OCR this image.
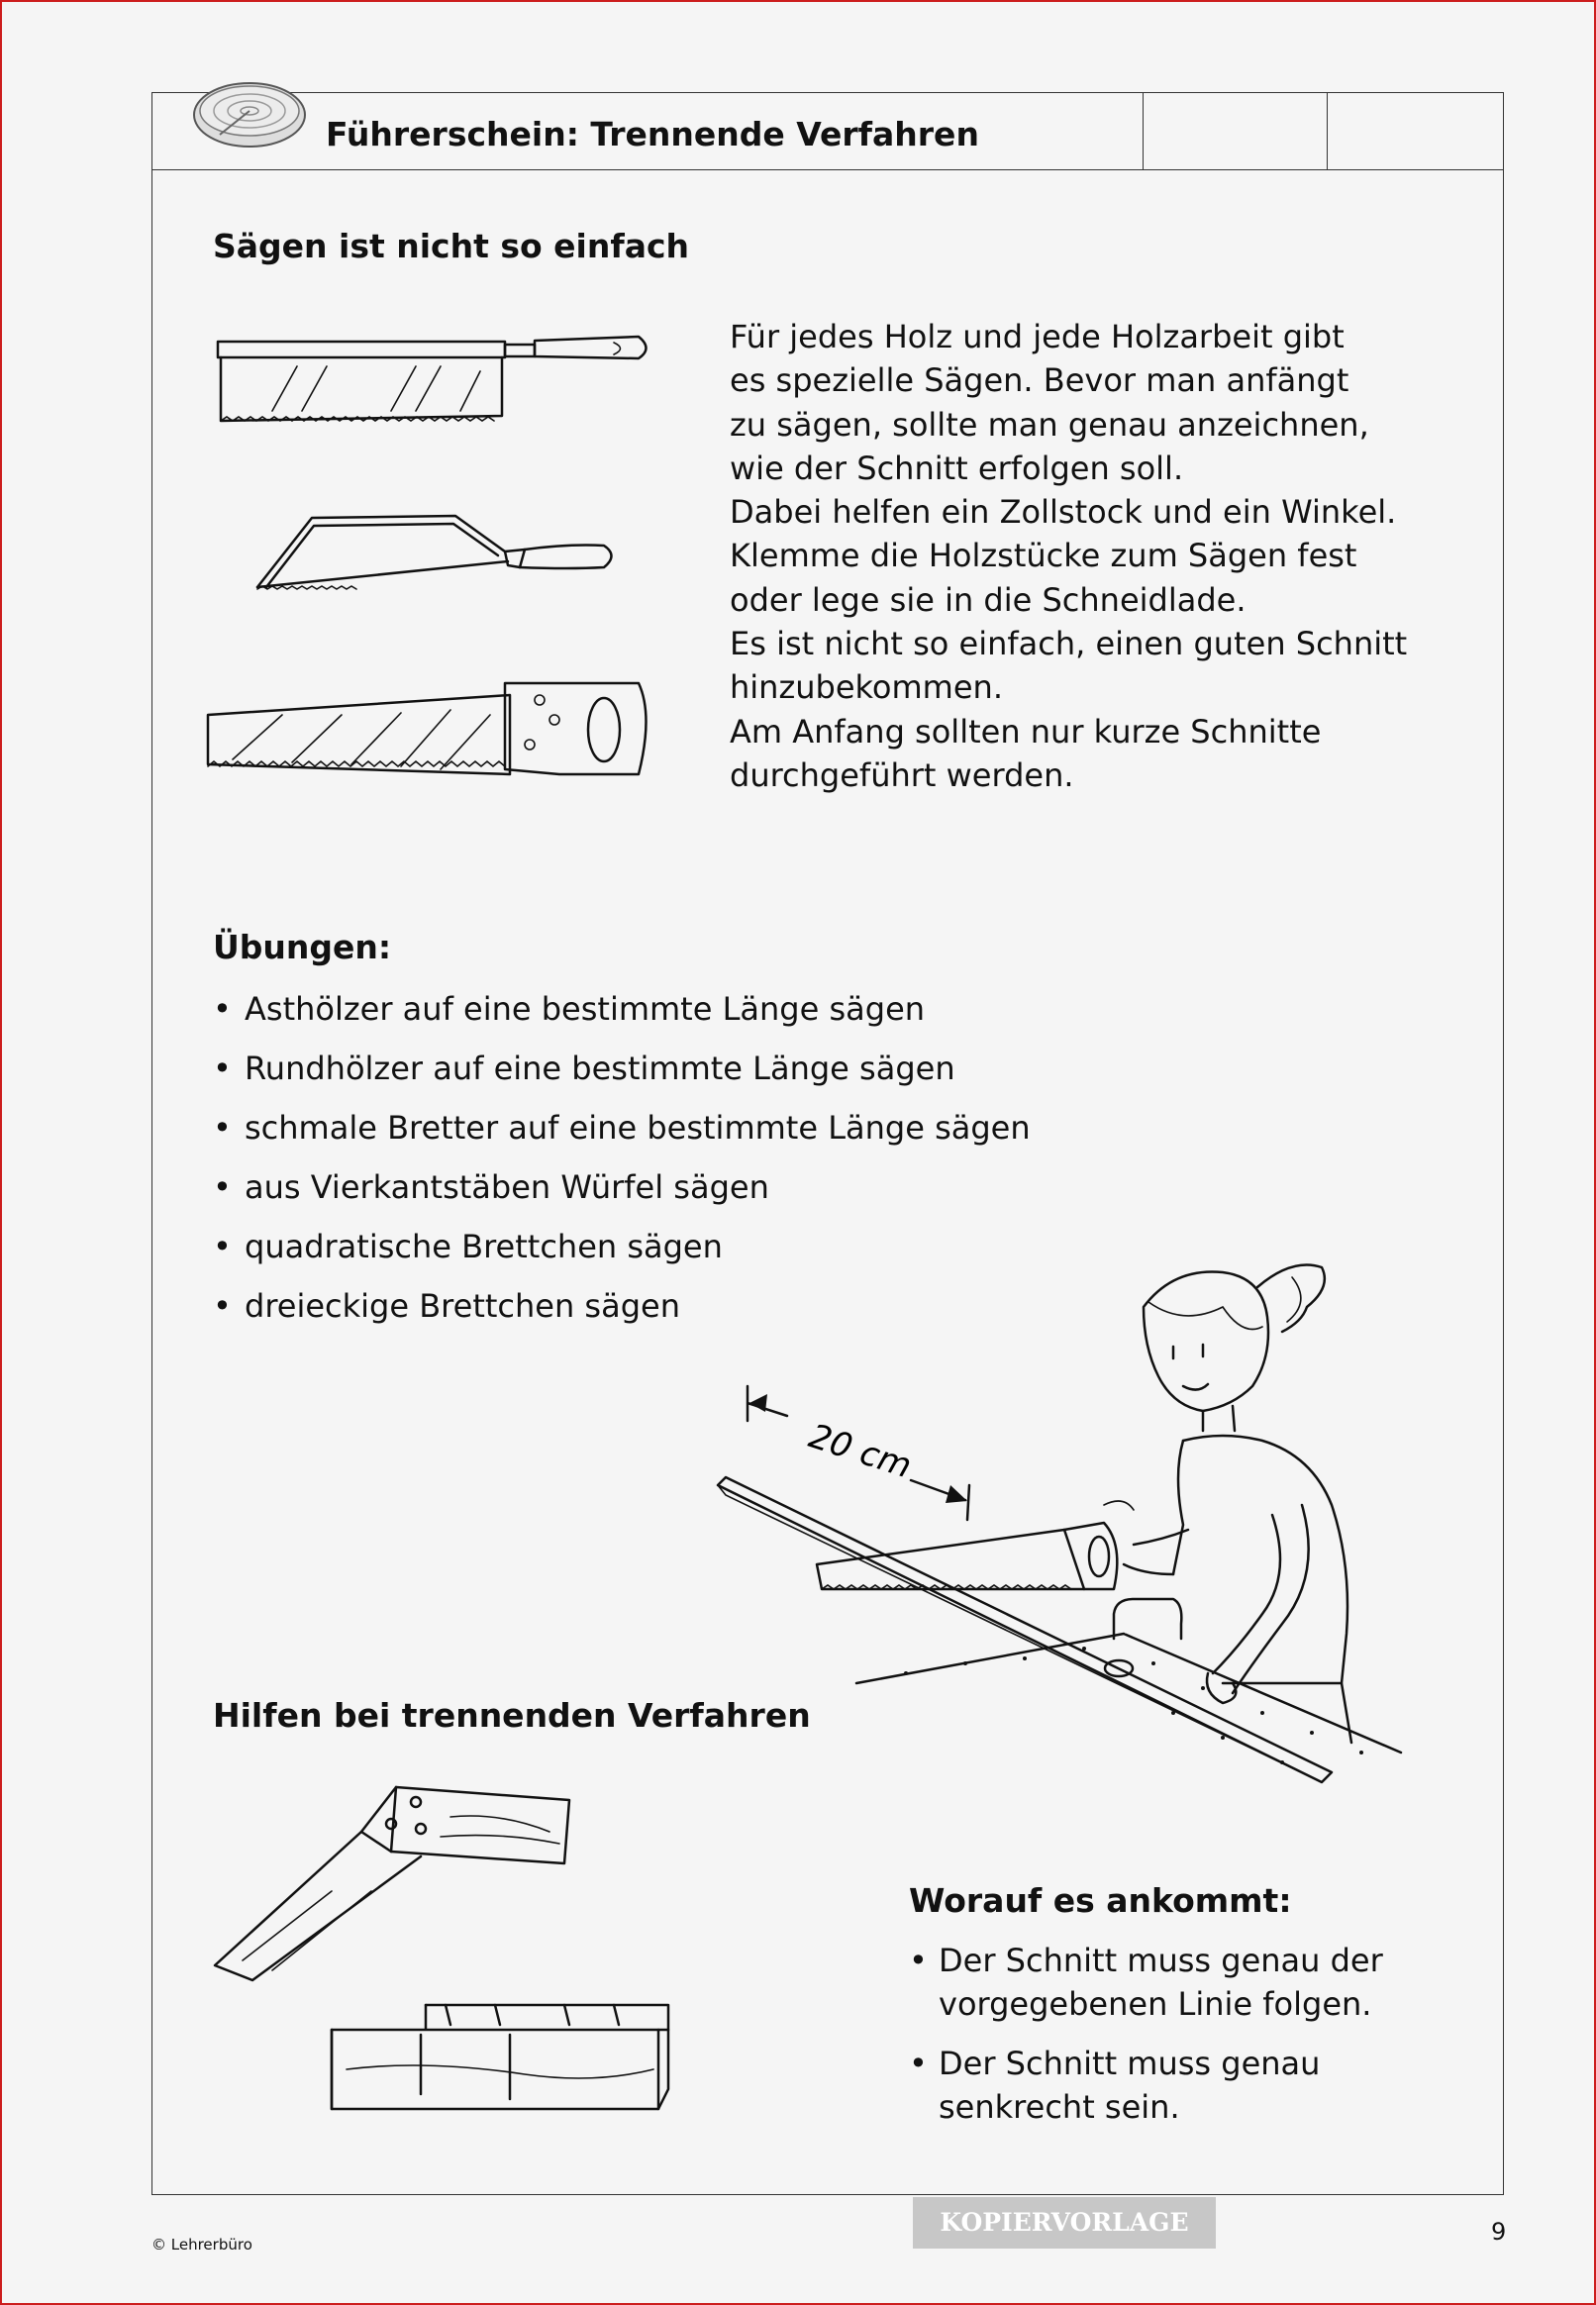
Führerschein: Trennende Verfahren
Sägen ist nicht so einfach
Für jedes Holz und jede Holzarbeit gibt
es spezielle Sägen. Bevor man anfängt
zu sägen, sollte man genau anzeichnen,
wie der Schnitt erfolgen soll.
Dabei helfen ein Zollstock und ein Winkel.
Klemme die Holzstücke zum Sägen fest
oder lege sie in die Schneidlade.
Es ist nicht so einfach, einen guten Schnitt
hinzubekommen.
Am Anfang sollten nur kurze Schnitte
durchgeführt werden.
Übungen:
• Asthölzer auf eine bestimmte Länge sägen
• Rundhölzer auf eine bestimmte Länge sägen
• schmale Bretter auf eine bestimmte Länge sägen
• aus Vierkantstäben Würfel sägen
• quadratische Brettchen sägen
• dreieckige Brettchen sägen
20 cm
Hilfen bei trennenden Verfahren
Worauf es ankommt:
• Der Schnitt muss genau der
vorgegebenen Linie folgen.
• Der Schnitt muss genau
senkrecht sein.
© Lehrerbüro
KOPIERVORLAGE	9
